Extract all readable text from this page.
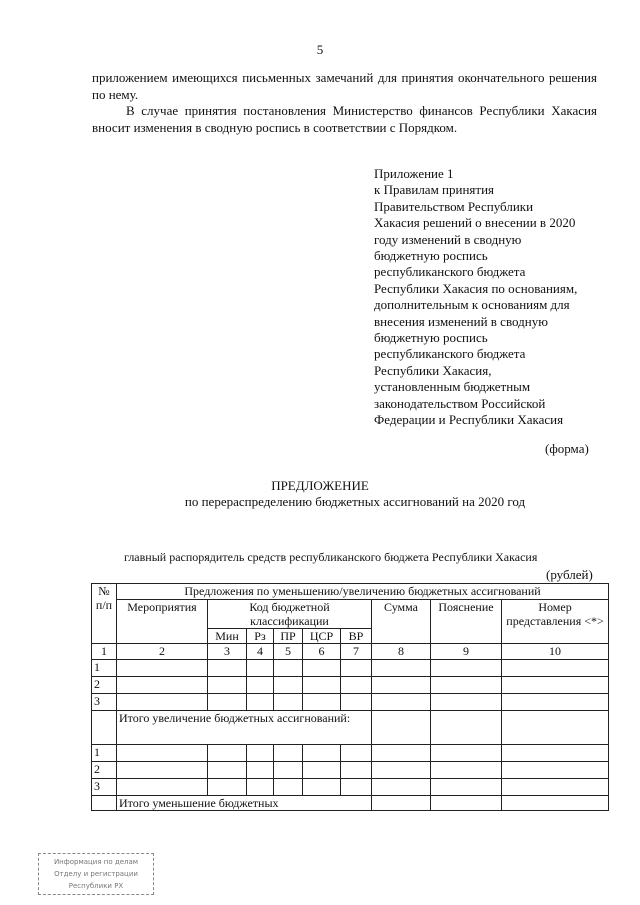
5
приложением имеющихся письменных замечаний для принятия окончательного решения по нему.
В случае принятия постановления Министерство финансов Республики Хакасия вносит изменения в сводную роспись в соответствии с Порядком.
Приложение 1
к Правилам принятия
Правительством Республики
Хакасия решений о внесении в 2020
году изменений в сводную
бюджетную роспись
республиканского бюджета
Республики Хакасия по основаниям,
дополнительным к основаниям для
внесения изменений в сводную
бюджетную роспись
республиканского бюджета
Республики Хакасия,
установленным бюджетным
законодательством Российской
Федерации и Республики Хакасия
(форма)
ПРЕДЛОЖЕНИЕ
по перераспределению бюджетных ассигнований на 2020 год
главный распорядитель средств республиканского бюджета Республики Хакасия
(рублей)
№ п/п	Предложения по уменьшению/увеличению бюджетных ассигнований								
	Мероприятия	Код бюджетной классификации					Сумма	Пояснение	Номер представления <*>
		Мин	Рз	ПР	ЦСР	ВР			
1	2	3	4	5	6	7	8	9	10
1									
2									
3									
	Итого увеличение бюджетных ассигнований:								
1									
2									
3									
	Итого уменьшение бюджетных								
Информация по делам
Отделу и регистрации
Республики РХ
